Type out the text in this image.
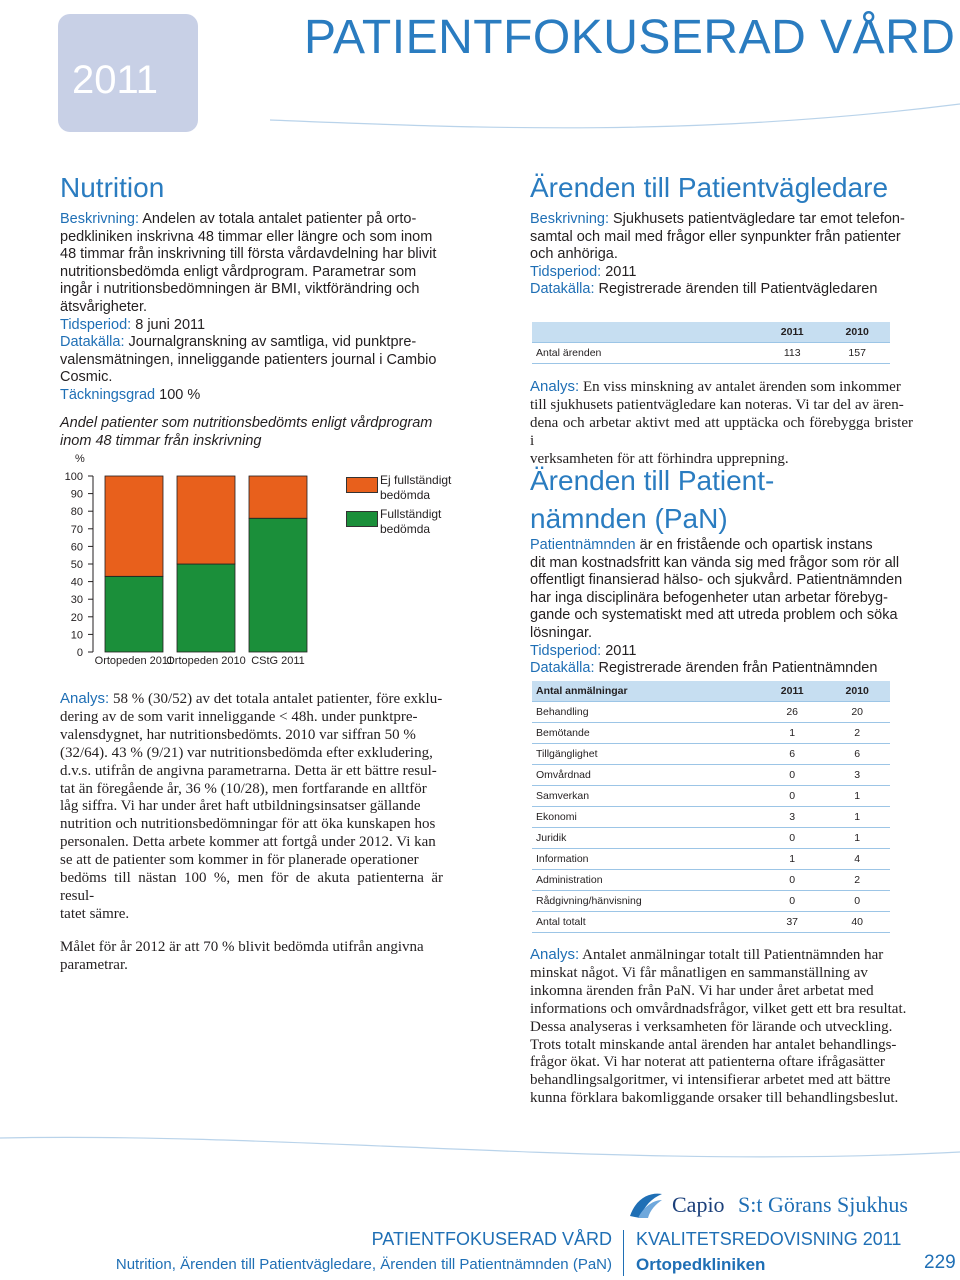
2011
PATIENTFOKUSERAD VÅRD
Nutrition
Beskrivning: Andelen av totala antalet patienter på orto-
pedkliniken inskrivna 48 timmar eller längre och som inom
48 timmar från inskrivning till första vårdavdelning har blivit
nutritionsbedömda enligt vårdprogram. Parametrar som
ingår i nutritionsbedömningen är BMI, viktförändring och
ätsvårigheter.
Tidsperiod: 8 juni 2011
Datakälla: Journalgranskning av samtliga, vid punktpre-
valensmätningen, inneliggande patienters journal i Cambio
Cosmic.
Täckningsgrad 100 %
Andel patienter som nutritionsbedömts enligt vårdprogram
inom 48 timmar från inskrivning
%
0
10
20
30
40
50
60
70
80
90
100
Ortopeden 2011
Ortopeden 2010 CStG 2011
Ej fullständigt
bedömda
Fullständigt
bedömda
Analys: 58 % (30/52) av det totala antalet patienter, före exklu-
dering av de som varit inneliggande < 48h. under punktpre-
valensdygnet, har nutritionsbedömts. 2010 var siffran 50 %
(32/64). 43 % (9/21) var nutritionsbedömda efter exkludering,
d.v.s. utifrån de angivna parametrarna. Detta är ett bättre resul-
tat än föregående år, 36 % (10/28), men fortfarande en alltför
låg siffra. Vi har under året haft utbildningsinsatser gällande
nutrition och nutritionsbedömningar för att öka kunskapen hos
personalen. Detta arbete kommer att fortgå under 2012. Vi kan
se att de patienter som kommer in för planerade operationer
bedöms till nästan 100 %, men för de akuta patienterna är resul-
tatet sämre.
Målet för år 2012 är att 70 % blivit bedömda utifrån angivna
parametrar.
Ärenden till Patientvägledare
Beskrivning: Sjukhusets patientvägledare tar emot telefon-
samtal och mail med frågor eller synpunkter från patienter
och anhöriga.
Tidsperiod: 2011
Datakälla: Registrerade ärenden till Patientvägledaren
	2011	2010
Antal ärenden	113	157
Analys: En viss minskning av antalet ärenden som inkommer
till sjukhusets patientvägledare kan noteras. Vi tar del av ären-
dena och arbetar aktivt med att upptäcka och förebygga brister i
verksamheten för att förhindra upprepning.
Ärenden till Patient-
nämnden (PaN)
Patientnämnden är en fristående och opartisk instans
dit man kostnadsfritt kan vända sig med frågor som rör all
offentligt finansierad hälso- och sjukvård. Patientnämnden
har inga disciplinära befogenheter utan arbetar förebyg-
gande och systematiskt med att utreda problem och söka
lösningar.
Tidsperiod: 2011
Datakälla: Registrerade ärenden från Patientnämnden
Antal anmälningar	2011	2010
Behandling	26	20
Bemötande	1	2
Tillgänglighet	6	6
Omvårdnad	0	3
Samverkan	0	1
Ekonomi	3	1
Juridik	0	1
Information	1	4
Administration	0	2
Rådgivning/hänvisning	0	0
Antal totalt	37	40
Analys: Antalet anmälningar totalt till Patientnämnden har
minskat något. Vi får månatligen en sammanställning av
inkomna ärenden från PaN. Vi har under året arbetat med
informations och omvårdnadsfrågor, vilket gett ett bra resultat.
Dessa analyseras i verksamheten för lärande och utveckling.
Trots totalt minskande antal ärenden har antalet behandlings-
frågor ökat. Vi har noterat att patienterna oftare ifrågasätter
behandlingsalgoritmer, vi intensifierar arbetet med att bättre
kunna förklara bakomliggande orsaker till behandlingsbeslut.
Capio S:t Görans Sjukhus
PATIENTFOKUSERAD VÅRD
Nutrition, Ärenden till Patientvägledare, Ärenden till Patientnämnden (PaN)
KVALITETSREDOVISNING 2011
Ortopedkliniken	229
